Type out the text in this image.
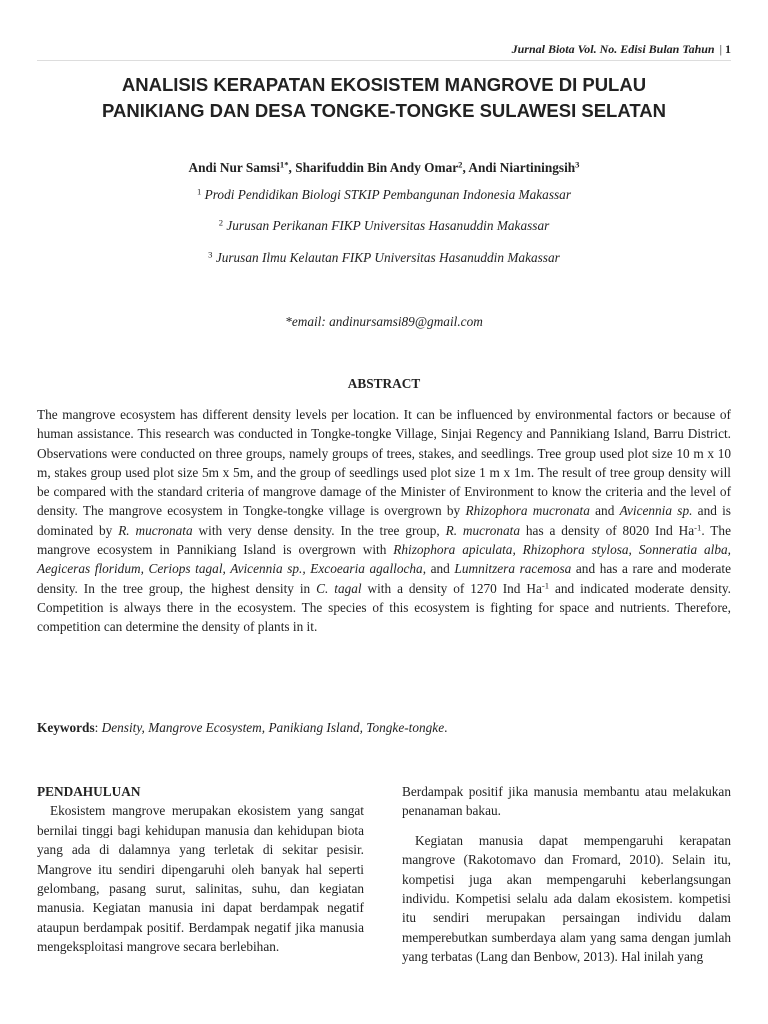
Jurnal Biota Vol. No. Edisi Bulan Tahun | 1
ANALISIS KERAPATAN EKOSISTEM MANGROVE DI PULAU
PANIKIANG DAN DESA TONGKE-TONGKE SULAWESI SELATAN
Andi Nur Samsi$^{1*}$, Sharifuddin Bin Andy Omar$^2$, Andi Niartiningsih$^3$
$^1$ Prodi Pendidikan Biologi STKIP Pembangunan Indonesia Makassar
$^2$ Jurusan Perikanan FIKP Universitas Hasanuddin Makassar
$^3$ Jurusan Ilmu Kelautan FIKP Universitas Hasanuddin Makassar
*email: andinursamsi89@gmail.com
ABSTRACT

The mangrove ecosystem has different density levels per location. It can be influenced by environmental factors or because of human assistance. This research was conducted in Tongke-tongke Village, Sinjai Regency and Pannikiang Island, Barru District. Observations were conducted on three groups, namely groups of trees, stakes, and seedlings. Tree group used plot size 10 m x 10 m, stakes group used plot size 5m x 5m, and the group of seedlings used plot size 1 m x 1m. The result of tree group density will be compared with the standard criteria of mangrove damage of the Minister of Environment to know the criteria and the level of density. The mangrove ecosystem in Tongke-tongke village is overgrown by Rhizophora mucronata and Avicennia sp. and is dominated by R. mucronata with very dense density. In the tree group, R. mucronata has a density of 8020 Ind $Ha^{-1}$. The mangrove ecosystem in Pannikiang Island is overgrown with Rhizophora apiculata, Rhizophora stylosa, Sonneratia alba, Aegiceras floridum, Ceriops tagal, Avicennia sp., Excoearia agallocha, and Lumnitzera racemosa and has a rare and moderate density. In the tree group, the highest density in C. tagal with a density of 1270 Ind $Ha^{-1}$ and indicated moderate density. Competition is always there in the ecosystem. The species of this ecosystem is fighting for space and nutrients. Therefore, competition can determine the density of plants in it.

Keywords: Density, Mangrove Ecosystem, Panikiang Island, Tongke-tongke.

PENDAHULUAN

Ekosistem mangrove merupakan ekosistem yang sangat bernilai tinggi bagi kehidupan manusia dan kehidupan biota yang ada di dalamnya yang terletak di sekitar pesisir. Mangrove itu sendiri dipengaruhi oleh banyak hal seperti gelombang, pasang surut, salinitas, suhu, dan kegiatan manusia. Kegiatan manusia ini dapat berdampak negatif ataupun berdampak positif. Berdampak negatif jika manusia mengeksploitasi mangrove secara berlebihan.

Berdampak positif jika manusia membantu atau melakukan penanaman bakau.

Kegiatan manusia dapat mempengaruhi kerapatan mangrove (Rakotomavo dan Fromard, 2010). Selain itu, kompetisi juga akan mempengaruhi keberlangsungan individu. Kompetisi selalu ada dalam ekosistem. kompetisi itu sendiri merupakan persaingan individu dalam memperebutkan sumberdaya alam yang sama dengan jumlah yang terbatas (Lang dan Benbow, 2013). Hal inilah yang
